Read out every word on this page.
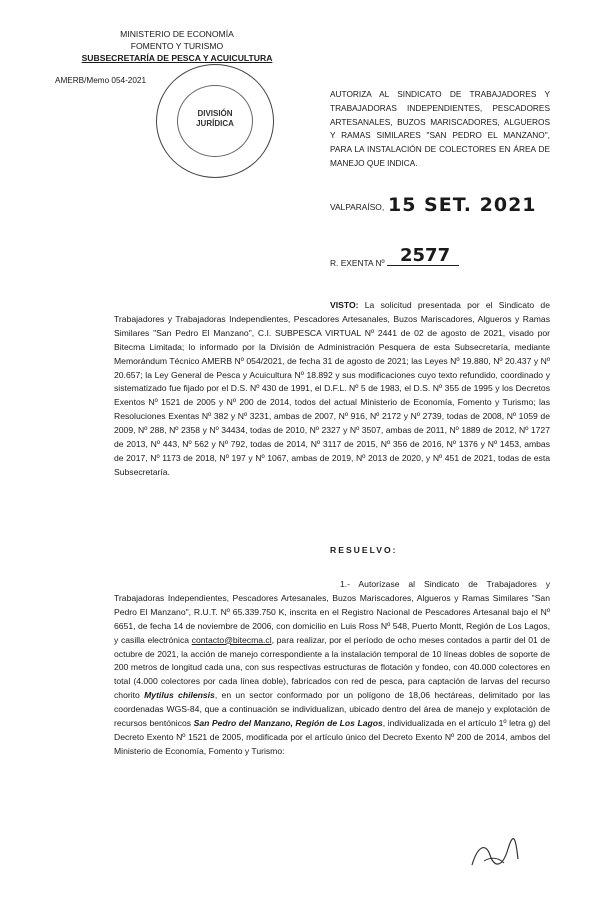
MINISTERIO DE ECONOMÍA
FOMENTO Y TURISMO
SUBSECRETARÍA DE PESCA Y ACUICULTURA
AMERB/Memo 054-2021
DIVISIÓN
JURÍDICA
AUTORIZA AL SINDICATO DE TRABAJADORES Y TRABAJADORAS INDEPENDIENTES, PESCADORES ARTESANALES, BUZOS MARISCADORES, ALGUEROS Y RAMAS SIMILARES "SAN PEDRO EL MANZANO", PARA LA INSTALACIÓN DE COLECTORES EN ÁREA DE MANEJO QUE INDICA.
VALPARAÍSO, 15 SET. 2021
R. EXENTA Nº 2577
VISTO: La solicitud presentada por el Sindicato de Trabajadores y Trabajadoras Independientes, Pescadores Artesanales, Buzos Mariscadores, Algueros y Ramas Similares "San Pedro El Manzano", C.I. SUBPESCA VIRTUAL Nº 2441 de 02 de agosto de 2021, visado por Bitecma Limitada; lo informado por la División de Administración Pesquera de esta Subsecretaría, mediante Memorándum Técnico AMERB Nº 054/2021, de fecha 31 de agosto de 2021; las Leyes Nº 19.880, Nº 20.437 y Nº 20.657; la Ley General de Pesca y Acuicultura Nº 18.892 y sus modificaciones cuyo texto refundido, coordinado y sistematizado fue fijado por el D.S. Nº 430 de 1991, el D.F.L. Nº 5 de 1983, el D.S. Nº 355 de 1995 y los Decretos Exentos Nº 1521 de 2005 y Nº 200 de 2014, todos del actual Ministerio de Economía, Fomento y Turismo; las Resoluciones Exentas Nº 382 y Nº 3231, ambas de 2007, Nº 916, Nº 2172 y Nº 2739, todas de 2008, Nº 1059 de 2009, Nº 288, Nº 2358 y Nº 34434, todas de 2010, Nº 2327 y Nº 3507, ambas de 2011, Nº 1889 de 2012, Nº 1727 de 2013, Nº 443, Nº 562 y Nº 792, todas de 2014, Nº 3117 de 2015, Nº 356 de 2016, Nº 1376 y Nº 1453, ambas de 2017, Nº 1173 de 2018, Nº 197 y Nº 1067, ambas de 2019, Nº 2013 de 2020, y Nº 451 de 2021, todas de esta Subsecretaría.
RESUELVO:
1.- Autorízase al Sindicato de Trabajadores y Trabajadoras Independientes, Pescadores Artesanales, Buzos Mariscadores, Algueros y Ramas Similares "San Pedro El Manzano", R.U.T. Nº 65.339.750 K, inscrita en el Registro Nacional de Pescadores Artesanal bajo el Nº 6651, de fecha 14 de noviembre de 2006, con domicilio en Luis Ross Nº 548, Puerto Montt, Región de Los Lagos, y casilla electrónica contacto@bitecma.cl, para realizar, por el período de ocho meses contados a partir del 01 de octubre de 2021, la acción de manejo correspondiente a la instalación temporal de 10 líneas dobles de soporte de 200 metros de longitud cada una, con sus respectivas estructuras de flotación y fondeo, con 40.000 colectores en total (4.000 colectores por cada línea doble), fabricados con red de pesca, para captación de larvas del recurso chorito Mytilus chilensis, en un sector conformado por un polígono de 18,06 hectáreas, delimitado por las coordenadas WGS-84, que a continuación se individualizan, ubicado dentro del área de manejo y explotación de recursos bentónicos San Pedro del Manzano, Región de Los Lagos, individualizada en el artículo 1º letra g) del Decreto Exento Nº 1521 de 2005, modificada por el artículo único del Decreto Exento Nº 200 de 2014, ambos del Ministerio de Economía, Fomento y Turismo:
